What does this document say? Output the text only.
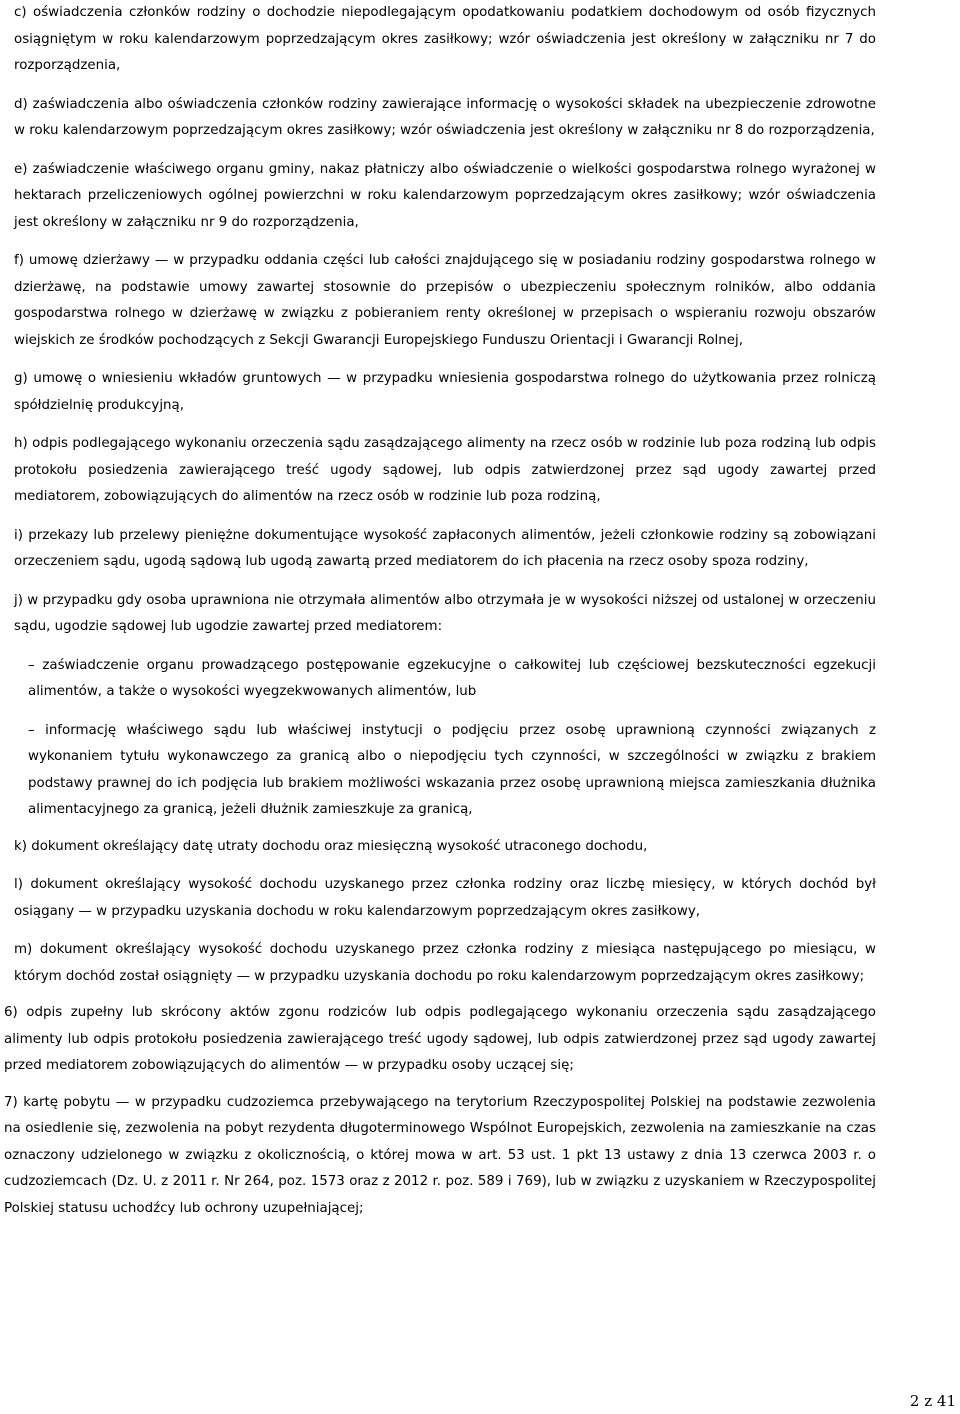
c) oświadczenia członków rodziny o dochodzie niepodlegającym opodatkowaniu podatkiem dochodowym od osób fizycznych osiągniętym w roku kalendarzowym poprzedzającym okres zasiłkowy; wzór oświadczenia jest określony w załączniku nr 7 do rozporządzenia,

d) zaświadczenia albo oświadczenia członków rodziny zawierające informację o wysokości składek na ubezpieczenie zdrowotne w roku kalendarzowym poprzedzającym okres zasiłkowy; wzór oświadczenia jest określony w załączniku nr 8 do rozporządzenia,

e) zaświadczenie właściwego organu gminy, nakaz płatniczy albo oświadczenie o wielkości gospodarstwa rolnego wyrażonej w hektarach przeliczeniowych ogólnej powierzchni w roku kalendarzowym poprzedzającym okres zasiłkowy; wzór oświadczenia jest określony w załączniku nr 9 do rozporządzenia,

f) umowę dzierżawy — w przypadku oddania części lub całości znajdującego się w posiadaniu rodziny gospodarstwa rolnego w dzierżawę, na podstawie umowy zawartej stosownie do przepisów o ubezpieczeniu społecznym rolników, albo oddania gospodarstwa rolnego w dzierżawę w związku z pobieraniem renty określonej w przepisach o wspieraniu rozwoju obszarów wiejskich ze środków pochodzących z Sekcji Gwarancji Europejskiego Funduszu Orientacji i Gwarancji Rolnej,

g) umowę o wniesieniu wkładów gruntowych — w przypadku wniesienia gospodarstwa rolnego do użytkowania przez rolniczą spółdzielnię produkcyjną,

h) odpis podlegającego wykonaniu orzeczenia sądu zasądzającego alimenty na rzecz osób w rodzinie lub poza rodziną lub odpis protokołu posiedzenia zawierającego treść ugody sądowej, lub odpis zatwierdzonej przez sąd ugody zawartej przed mediatorem, zobowiązujących do alimentów na rzecz osób w rodzinie lub poza rodziną,

i) przekazy lub przelewy pieniężne dokumentujące wysokość zapłaconych alimentów, jeżeli członkowie rodziny są zobowiązani orzeczeniem sądu, ugodą sądową lub ugodą zawartą przed mediatorem do ich płacenia na rzecz osoby spoza rodziny,

j) w przypadku gdy osoba uprawniona nie otrzymała alimentów albo otrzymała je w wysokości niższej od ustalonej w orzeczeniu sądu, ugodzie sądowej lub ugodzie zawartej przed mediatorem:

– zaświadczenie organu prowadzącego postępowanie egzekucyjne o całkowitej lub częściowej bezskuteczności egzekucji alimentów, a także o wysokości wyegzekwowanych alimentów, lub

– informację właściwego sądu lub właściwej instytucji o podjęciu przez osobę uprawnioną czynności związanych z wykonaniem tytułu wykonawczego za granicą albo o niepodjęciu tych czynności, w szczególności w związku z brakiem podstawy prawnej do ich podjęcia lub brakiem możliwości wskazania przez osobę uprawnioną miejsca zamieszkania dłużnika alimentacyjnego za granicą, jeżeli dłużnik zamieszkuje za granicą,

k) dokument określający datę utraty dochodu oraz miesięczną wysokość utraconego dochodu,

l) dokument określający wysokość dochodu uzyskanego przez członka rodziny oraz liczbę miesięcy, w których dochód był osiągany — w przypadku uzyskania dochodu w roku kalendarzowym poprzedzającym okres zasiłkowy,

m) dokument określający wysokość dochodu uzyskanego przez członka rodziny z miesiąca następującego po miesiącu, w którym dochód został osiągnięty — w przypadku uzyskania dochodu po roku kalendarzowym poprzedzającym okres zasiłkowy;

6) odpis zupełny lub skrócony aktów zgonu rodziców lub odpis podlegającego wykonaniu orzeczenia sądu zasądzającego alimenty lub odpis protokołu posiedzenia zawierającego treść ugody sądowej, lub odpis zatwierdzonej przez sąd ugody zawartej przed mediatorem zobowiązujących do alimentów — w przypadku osoby uczącej się;

7) kartę pobytu — w przypadku cudzoziemca przebywającego na terytorium Rzeczypospolitej Polskiej na podstawie zezwolenia na osiedlenie się, zezwolenia na pobyt rezydenta długoterminowego Wspólnot Europejskich, zezwolenia na zamieszkanie na czas oznaczony udzielonego w związku z okolicznością, o której mowa w art. 53 ust. 1 pkt 13 ustawy z dnia 13 czerwca 2003 r. o cudzoziemcach (Dz. U. z 2011 r. Nr 264, poz. 1573 oraz z 2012 r. poz. 589 i 769), lub w związku z uzyskaniem w Rzeczypospolitej Polskiej statusu uchodźcy lub ochrony uzupełniającej;

2 z 41
